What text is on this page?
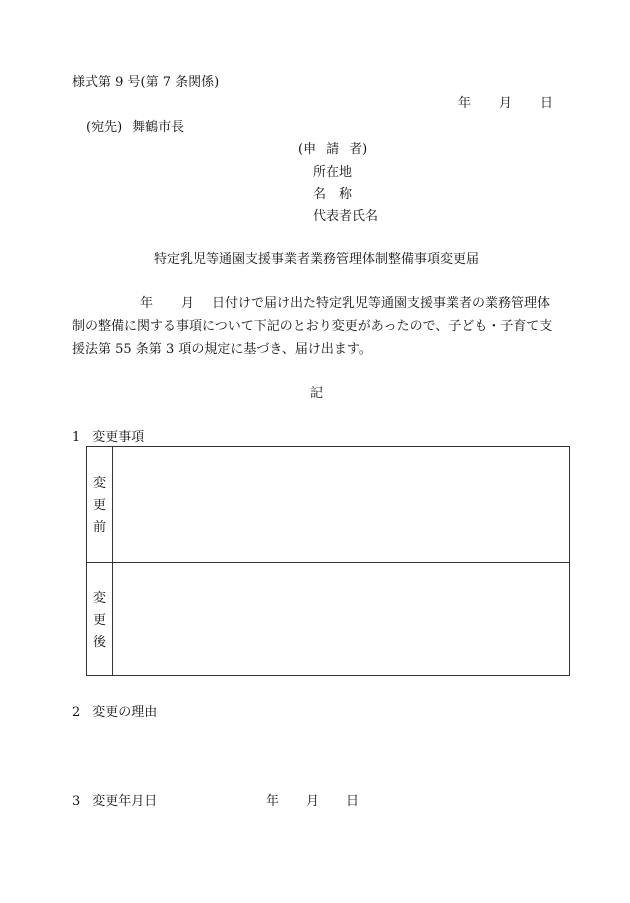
様式第 9 号(第 7 条関係)
年 月 日
(宛先) 舞鶴市長
(申 請 者)
所在地
名 称
代表者氏名
特定乳児等通園支援事業者業務管理体制整備事項変更届
年 月 日付けで届け出た特定乳児等通園支援事業者の業務管理体
制の整備に関する事項について下記のとおり変更があったので、子ども・子育て支
援法第 55 条第 3 項の規定に基づき、届け出ます。
記
1 変更事項
変
更
前
変
更
後
2 変更の理由
3 変更年月日	年 月 日
